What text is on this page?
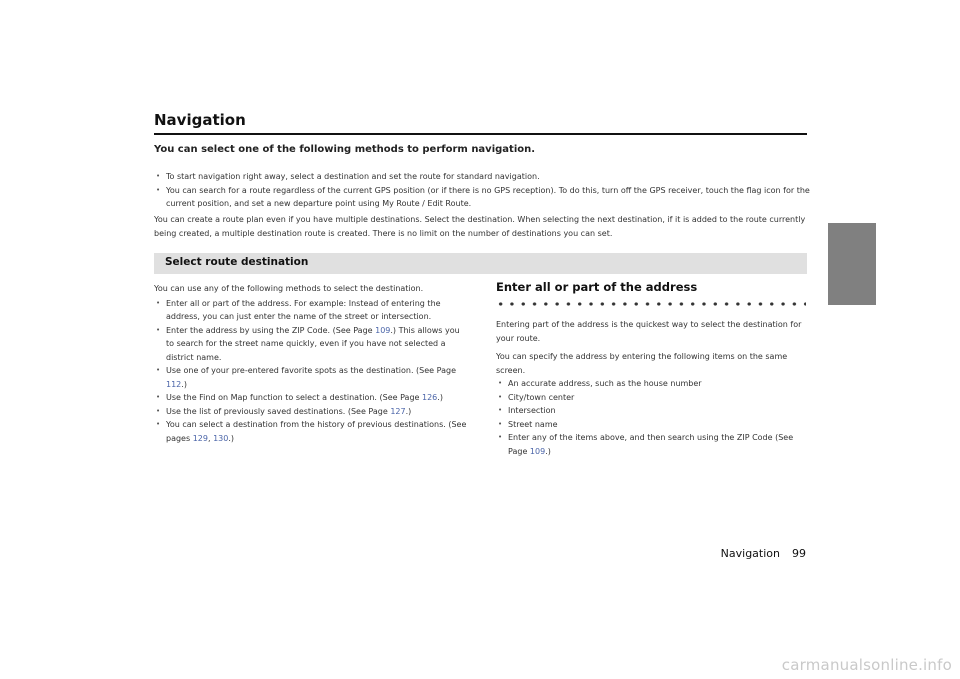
Navigation
You can select one of the following methods to perform navigation.
• To start navigation right away, select a destination and set the route for standard navigation.
• You can search for a route regardless of the current GPS position (or if there is no GPS reception). To do this, turn off the GPS receiver, touch the flag icon for the current position, and set a new departure point using My Route / Edit Route.
You can create a route plan even if you have multiple destinations. Select the destination. When selecting the next destination, if it is added to the route currently being created, a multiple destination route is created. There is no limit on the number of destinations you can set.
Select route destination

You can use any of the following methods to select the destination.

• Enter all or part of the address. For example: Instead of entering the address, you can just enter the name of the street or intersection.
• Enter the address by using the ZIP Code. (See Page 109.) This allows you to search for the street name quickly, even if you have not selected a district name.
• Use one of your pre-entered favorite spots as the destination. (See Page 112.)
• Use the Find on Map function to select a destination. (See Page 126.)
• Use the list of previously saved destinations. (See Page 127.)
• You can select a destination from the history of previous destinations. (See pages 129, 130.)
Enter all or part of the address

Entering part of the address is the quickest way to select the destination for your route.

You can specify the address by entering the following items on the same screen.

• An accurate address, such as the house number
• City/town center
• Intersection
• Street name
• Enter any of the items above, and then search using the ZIP Code (See Page 109.)
Navigation 99
carmanualsonline.info
